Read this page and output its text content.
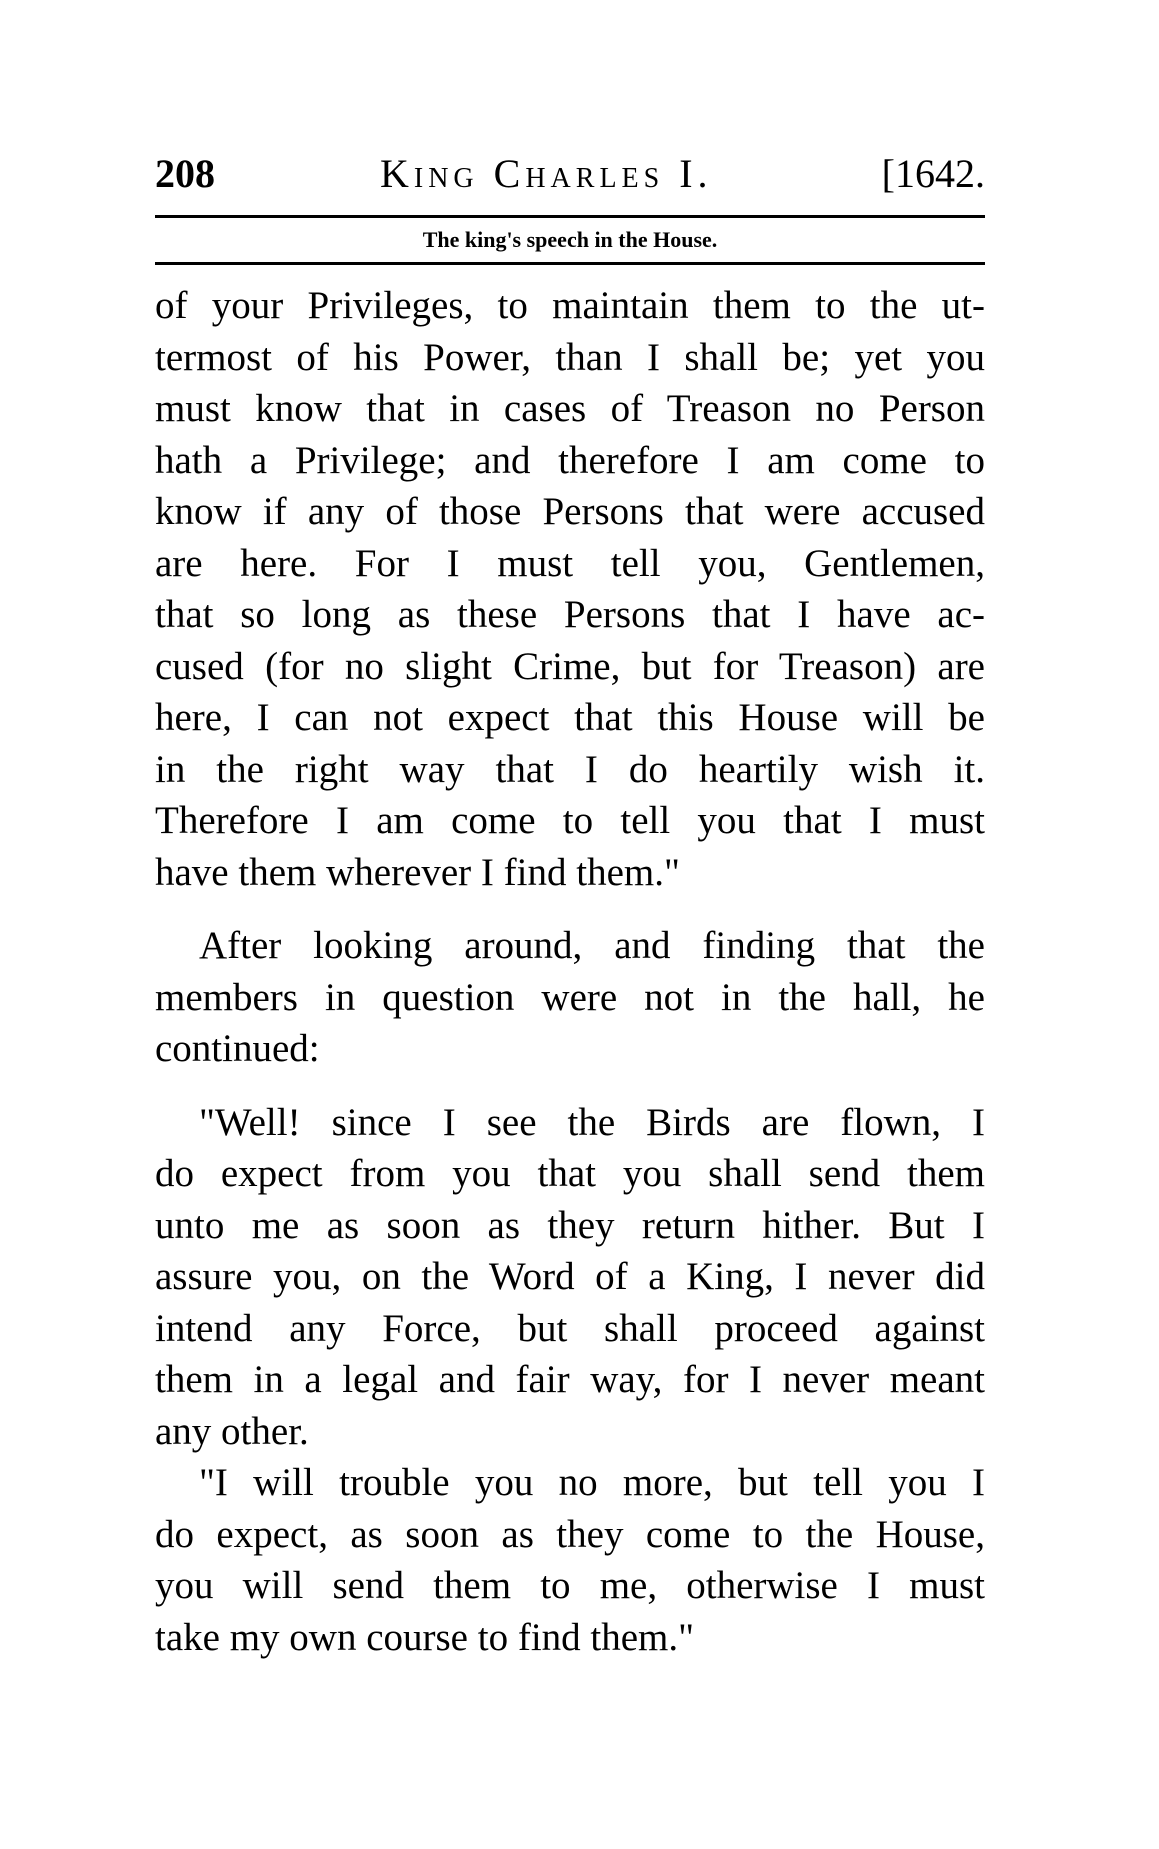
208	King Charles I.	[1642.
The king's speech in the House.
of your Privileges, to maintain them to the ut-
termost of his Power, than I shall be; yet you
must know that in cases of Treason no Person
hath a Privilege; and therefore I am come to
know if any of those Persons that were accused
are here. For I must tell you, Gentlemen,
that so long as these Persons that I have ac-
cused (for no slight Crime, but for Treason) are
here, I can not expect that this House will be
in the right way that I do heartily wish it.
Therefore I am come to tell you that I must
have them wherever I find them."
After looking around, and finding that the
members in question were not in the hall, he
continued:
"Well! since I see the Birds are flown, I
do expect from you that you shall send them
unto me as soon as they return hither. But I
assure you, on the Word of a King, I never did
intend any Force, but shall proceed against
them in a legal and fair way, for I never meant
any other.
"I will trouble you no more, but tell you I
do expect, as soon as they come to the House,
you will send them to me, otherwise I must
take my own course to find them."
